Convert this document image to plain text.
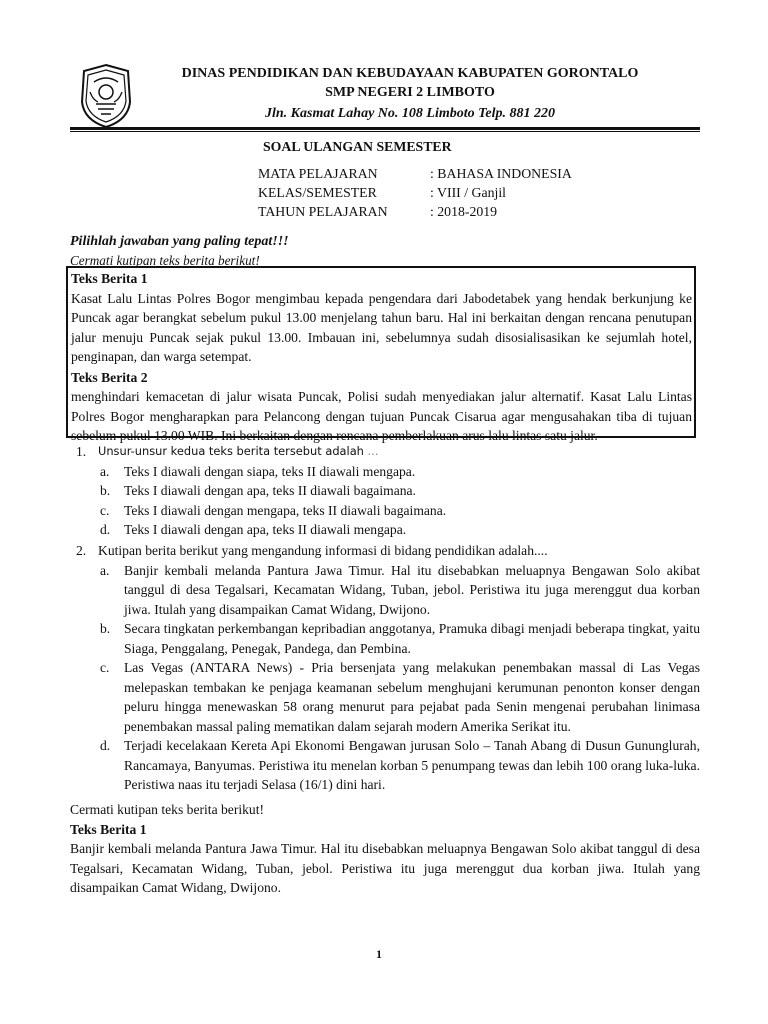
DINAS PENDIDIKAN DAN KEBUDAYAAN KABUPATEN GORONTALO
SMP NEGERI 2 LIMBOTO
Jln. Kasmat Lahay No. 108 Limboto Telp. 881 220
SOAL ULANGAN SEMESTER
MATA PELAJARAN	: BAHASA INDONESIA
KELAS/SEMESTER	: VIII / Ganjil
TAHUN PELAJARAN	: 2018-2019
Pilihlah jawaban yang paling tepat!!!
Cermati kutipan teks berita berikut!
Teks Berita 1
Kasat Lalu Lintas Polres Bogor mengimbau kepada pengendara dari Jabodetabek yang hendak berkunjung ke Puncak agar berangkat sebelum pukul 13.00 menjelang tahun baru. Hal ini berkaitan dengan rencana penutupan jalur menuju Puncak sejak pukul 13.00. Imbauan ini, sebelumnya sudah disosialisasikan ke sejumlah hotel, penginapan, dan warga setempat.
Teks Berita 2
menghindari kemacetan di jalur wisata Puncak, Polisi sudah menyediakan jalur alternatif. Kasat Lalu Lintas Polres Bogor mengharapkan para Pelancong dengan tujuan Puncak Cisarua agar mengusahakan tiba di tujuan sebelum pukul 13.00 WIB. Ini berkaitan dengan rencana pemberlakuan arus lalu lintas satu jalur.
1.	Unsur-unsur kedua teks berita tersebut adalah ...
a.	Teks I diawali dengan siapa, teks II diawali mengapa.
b.	Teks I diawali dengan apa, teks II diawali bagaimana.
c.	Teks I diawali dengan mengapa, teks II diawali bagaimana.
d.	Teks I diawali dengan apa, teks II diawali mengapa.
2. Kutipan berita berikut yang mengandung informasi di bidang pendidikan adalah....
a.	Banjir kembali melanda Pantura Jawa Timur. Hal itu disebabkan meluapnya Bengawan Solo akibat tanggul di desa Tegalsari, Kecamatan Widang, Tuban, jebol. Peristiwa itu juga merenggut dua korban jiwa. Itulah yang disampaikan Camat Widang, Dwijono.
b.	Secara tingkatan perkembangan kepribadian anggotanya, Pramuka dibagi menjadi beberapa tingkat, yaitu Siaga, Penggalang, Penegak, Pandega, dan Pembina.
c.	Las Vegas (ANTARA News) - Pria bersenjata yang melakukan penembakan massal di Las Vegas melepaskan tembakan ke penjaga keamanan sebelum menghujani kerumunan penonton konser dengan peluru hingga menewaskan 58 orang menurut para pejabat pada Senin mengenai perubahan linimasa penembakan massal paling mematikan dalam sejarah modern Amerika Serikat itu.
d.	Terjadi kecelakaan Kereta Api Ekonomi Bengawan jurusan Solo – Tanah Abang di Dusun Gununglurah, Rancamaya, Banyumas. Peristiwa itu menelan korban 5 penumpang tewas dan lebih 100 orang luka-luka. Peristiwa naas itu terjadi Selasa (16/1) dini hari.
Cermati kutipan teks berita berikut!
Teks Berita 1
Banjir kembali melanda Pantura Jawa Timur. Hal itu disebabkan meluapnya Bengawan Solo akibat tanggul di desa Tegalsari, Kecamatan Widang, Tuban, jebol. Peristiwa itu juga merenggut dua korban jiwa. Itulah yang disampaikan Camat Widang, Dwijono.
1
